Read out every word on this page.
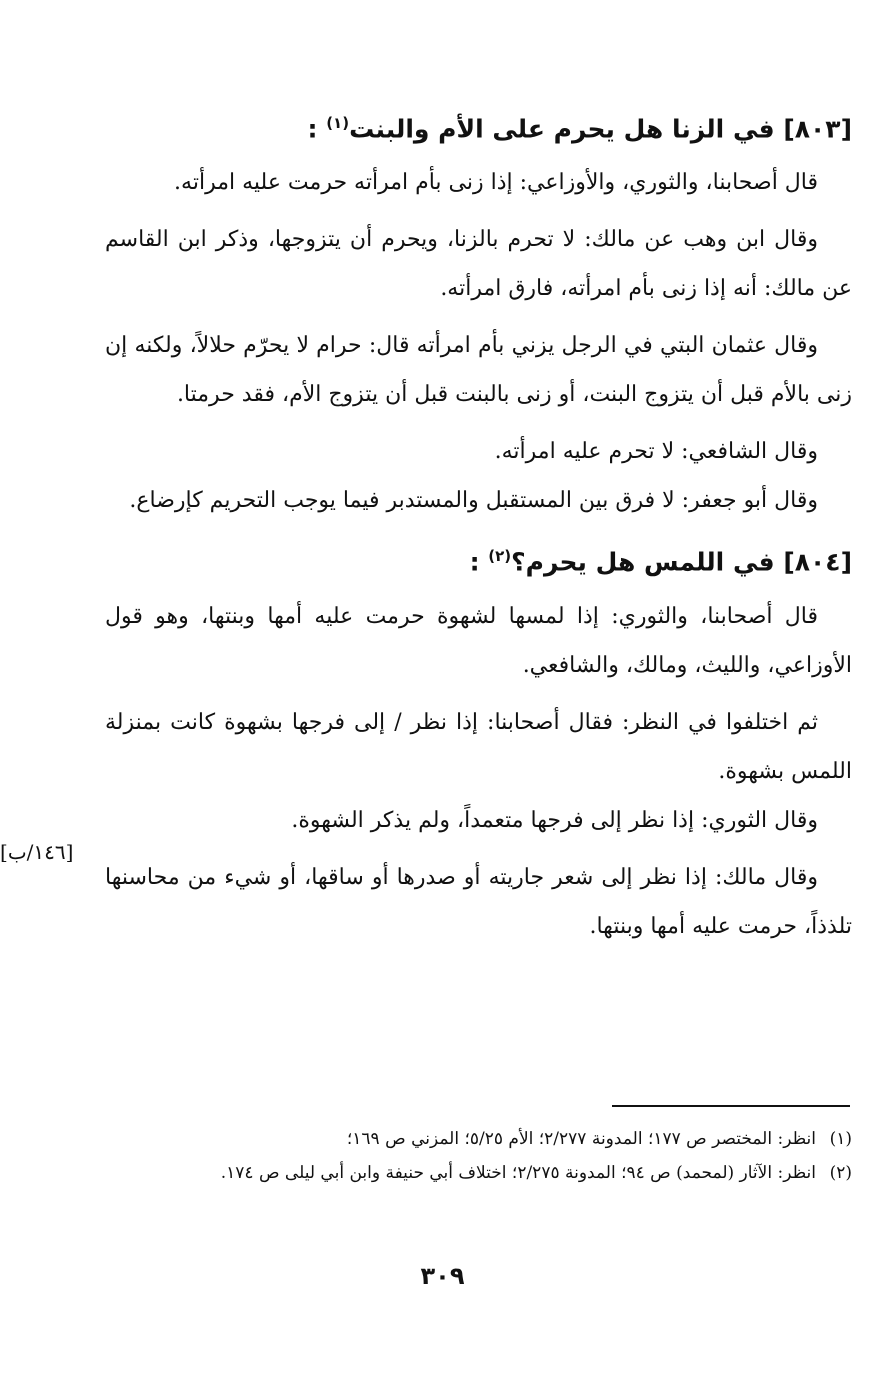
[٨٠٣] في الزنا هل يحرم على الأم والبنت$^{(١)}$ :

قال أصحابنا، والثوري، والأوزاعي: إذا زنى بأم امرأته حرمت عليه امرأته.

وقال ابن وهب عن مالك: لا تحرم بالزنا، ويحرم أن يتزوجها، وذكر ابن القاسم عن مالك: أنه إذا زنى بأم امرأته، فارق امرأته.

وقال عثمان البتي في الرجل يزني بأم امرأته قال: حرام لا يحرّم حلالاً، ولكنه إن زنى بالأم قبل أن يتزوج البنت، أو زنى بالبنت قبل أن يتزوج الأم، فقد حرمتا.

وقال الشافعي: لا تحرم عليه امرأته.

وقال أبو جعفر: لا فرق بين المستقبل والمستدبر فيما يوجب التحريم كإرضاع.

[٨٠٤] في اللمس هل يحرم؟$^{(٢)}$ :

قال أصحابنا، والثوري: إذا لمسها لشهوة حرمت عليه أمها وبنتها، وهو قول الأوزاعي، والليث، ومالك، والشافعي.

ثم اختلفوا في النظر: فقال أصحابنا: إذا نظر / إلى فرجها بشهوة كانت بمنزلة اللمس بشهوة.

وقال الثوري: إذا نظر إلى فرجها متعمداً، ولم يذكر الشهوة.

وقال مالك: إذا نظر إلى شعر جاريته أو صدرها أو ساقها، أو شيء من محاسنها تلذذاً، حرمت عليه أمها وبنتها.

[١٤٦/ب]
(١)
انظر: المختصر ص ١٧٧؛ المدونة ٢/٢٧٧؛ الأم ٥/٢٥؛ المزني ص ١٦٩؛
(٢)
انظر: الآثار (لمحمد) ص ٩٤؛ المدونة ٢/٢٧٥؛ اختلاف أبي حنيفة وابن أبي ليلى ص ١٧٤.
٣٠٩
